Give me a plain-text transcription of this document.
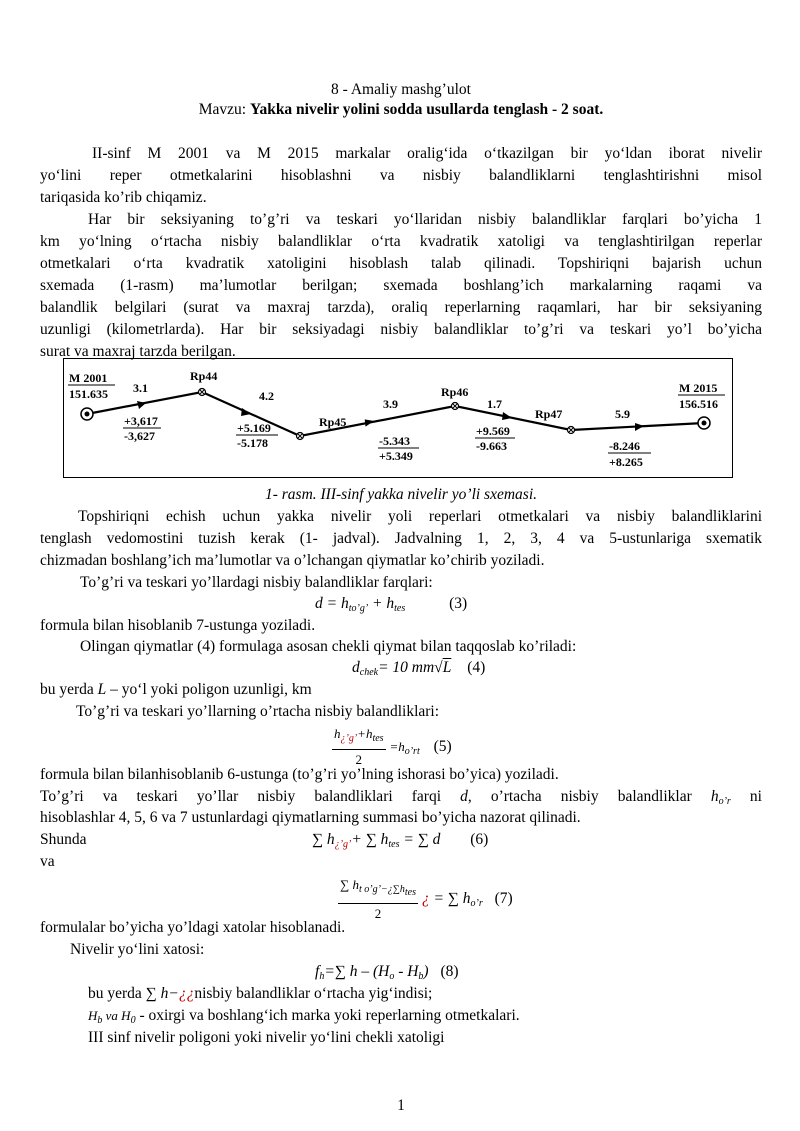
8 - Amaliy mashg’ulot
Mavzu: Yakka nivelir yolini sodda usullarda tenglash - 2 soat.
II-sinf M 2001 va M 2015 markalar oralig‘ida o‘tkazilgan bir yo‘ldan iborat nivelir
yo‘lini reper otmetkalarini hisoblashni va nisbiy balandliklarni tenglashtirishni misol
tariqasida ko’rib chiqamiz.
Har bir seksiyaning to’g’ri va teskari yo‘llaridan nisbiy balandliklar farqlari bo’yicha 1
km yo‘lning o‘rtacha nisbiy balandliklar o‘rta kvadratik xatoligi va tenglashtirilgan reperlar
otmetkalari o‘rta kvadratik xatoligini hisoblash talab qilinadi. Topshiriqni bajarish uchun
sxemada (1-rasm) ma’lumotlar berilgan; sxemada boshlang’ich markalarning raqami va
balandlik belgilari (surat va maxraj tarzda), oraliq reperlarning raqamlari, har bir seksiyaning
uzunligi (kilometrlarda). Har bir seksiyadagi nisbiy balandliklar to’g’ri va teskari yo’l bo’yicha
surat va maxraj tarzda berilgan.
M 2001
151.635	M 2015
156.516
Rp44
Rp45
Rp46
Rp47
3.1
4.2
3.9	1.7
5.9
+3,617
-3,627
+5.169
-5.178	-5.343
+5.349
+9.569
-9.663	-8.246
+8.265
1- rasm. III-sinf yakka nivelir yo’li sxemasi.
Topshiriqni echish uchun yakka nivelir yoli reperlari otmetkalari va nisbiy balandliklarini
tenglash vedomostini tuzish kerak (1- jadval). Jadvalning 1, 2, 3, 4 va 5-ustunlariga sxematik
chizmadan boshlang’ich ma’lumotlar va o’lchangan qiymatlar ko’chirib yoziladi.
To’g’ri va teskari yo’llardagi nisbiy balandliklar farqlari:
$d = h_{to’g’} + h_{tes}$	(3)
formula bilan hisoblanib 7-ustunga yoziladi.
Olingan qiymatlar (4) formulaga asosan chekli qiymat bilan taqqoslab ko’riladi:
$d_{chek}= 10$ mm√L (4)
bu yerda L – yo‘l yoki poligon uzunligi, km
To’g’ri va teskari yo’llarning o’rtacha nisbiy balandliklari:
$\frac{h_{¿’g’}+h_{tes}}{2} =h_{o’rt}$ (5)
formula bilan bilanhisoblanib 6-ustunga (to’g’ri yo’lning ishorasi bo’yica) yoziladi.
To’g’ri va teskari yo’llar nisbiy balandliklari farqi d, o’rtacha nisbiy balandliklar $h_{o’r}$ ni
hisoblashlar 4, 5, 6 va 7 ustunlardagi qiymatlarning summasi bo’yicha nazorat qilinadi.
Shunda	∑ $h_{¿’g’}+$ ∑ $h_{tes}$ = ∑ d (6)
va
$\frac{\sum h_{t o’g’-¿\sum h_{tes}}}{2}$ ¿ = ∑ $h_{o’r}$ (7)
formulalar bo’yicha yo’ldagi xatolar hisoblanadi.
Nivelir yo‘lini xatosi:
$f_h=\sum$ h – $(H_o - H_b)$ (8)
bu yerda ∑ h−¿¿nisbiy balandliklar o‘rtacha yig‘indisi;
$H_b$ va $H_0$ - oxirgi va boshlang‘ich marka yoki reperlarning otmetkalari.
III sinf nivelir poligoni yoki nivelir yo‘lini chekli xatoligi
1
